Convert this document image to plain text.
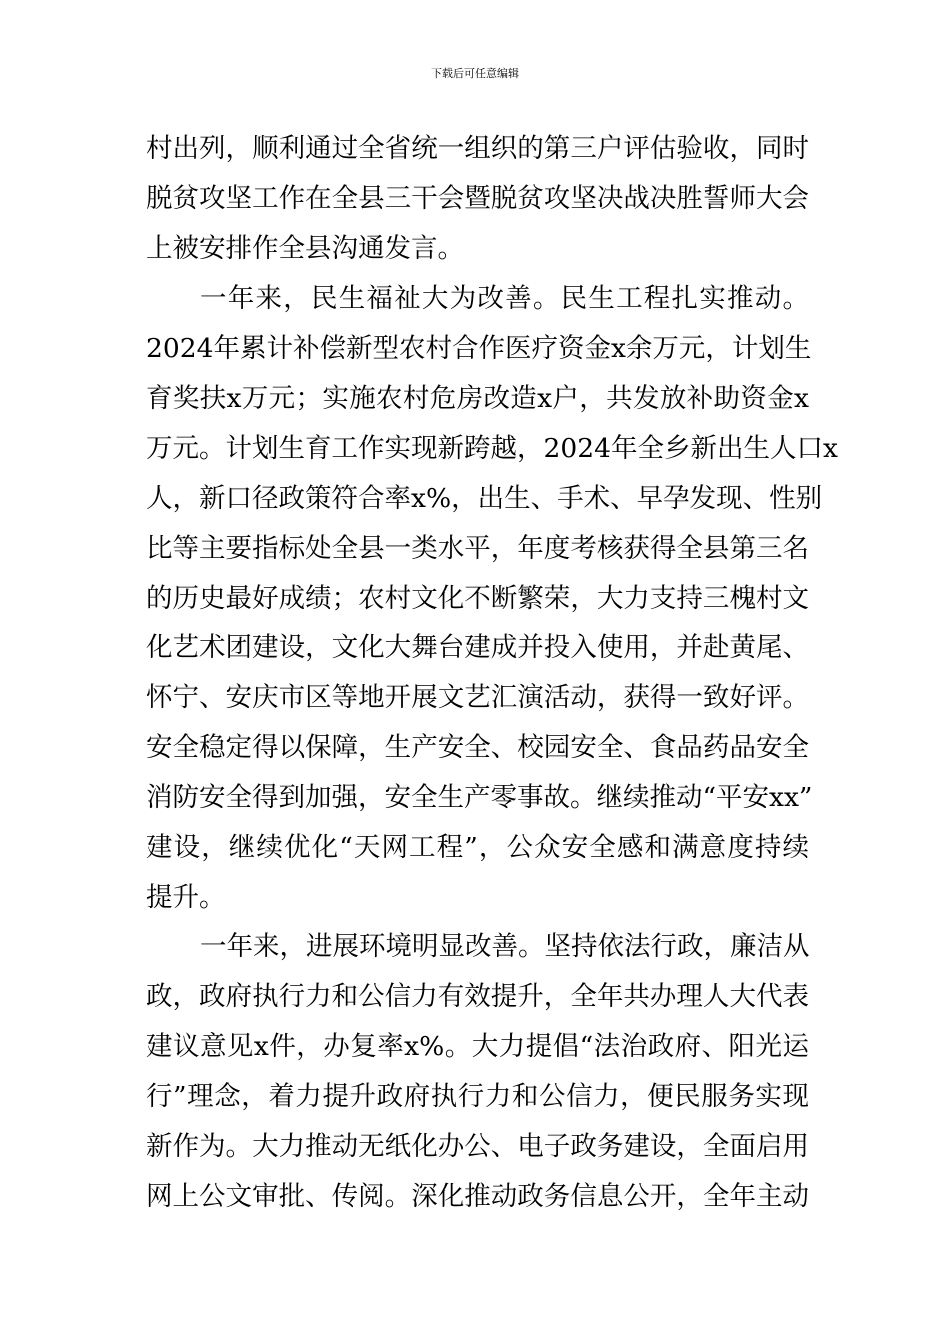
下载后可任意编辑
村出列，顺利通过全省统一组织的第三户评估验收，同时
脱贫攻坚工作在全县三干会暨脱贫攻坚决战决胜誓师大会
上被安排作全县沟通发言。
一年来，民生福祉大为改善。民生工程扎实推动。
2024年累计补偿新型农村合作医疗资金x余万元，计划生
育奖扶x万元；实施农村危房改造x户，共发放补助资金x
万元。计划生育工作实现新跨越，2024年全乡新出生人口x
人，新口径政策符合率x%，出生、手术、早孕发现、性别
比等主要指标处全县一类水平，年度考核获得全县第三名
的历史最好成绩；农村文化不断繁荣，大力支持三槐村文
化艺术团建设，文化大舞台建成并投入使用，并赴黄尾、
怀宁、安庆市区等地开展文艺汇演活动，获得一致好评。
安全稳定得以保障，生产安全、校园安全、食品药品安全
消防安全得到加强，安全生产零事故。继续推动“平安xx”
建设，继续优化“天网工程”，公众安全感和满意度持续
提升。
一年来，进展环境明显改善。坚持依法行政，廉洁从
政，政府执行力和公信力有效提升，全年共办理人大代表
建议意见x件，办复率x%。大力提倡“法治政府、阳光运
行”理念，着力提升政府执行力和公信力，便民服务实现
新作为。大力推动无纸化办公、电子政务建设，全面启用
网上公文审批、传阅。深化推动政务信息公开，全年主动
